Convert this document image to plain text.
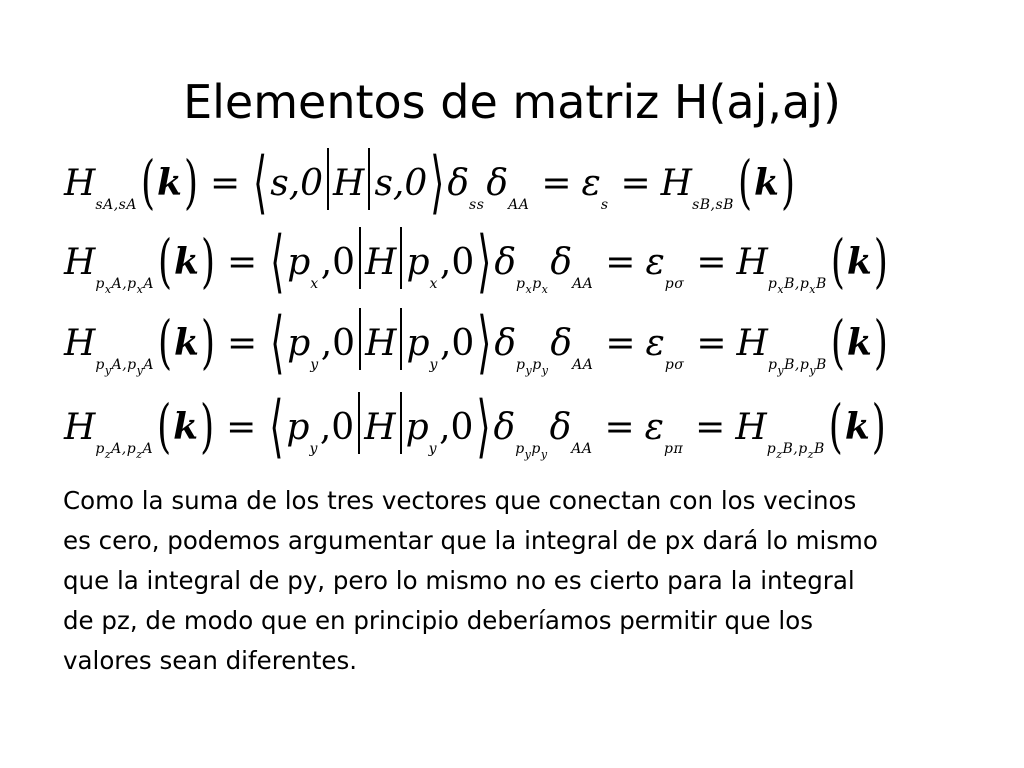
Elementos de matriz H(aj,aj)
HsA,sA (k) = ⟨s,0 H s,0⟩δssδAA= εs= HsB,sB (k)
HpxA,pxA (k) = ⟨px,0 H px,0⟩δpxpxδAA= εpσ= HpxB,pxB (k)
HpyA,pyA (k) = ⟨py,0 H py,0⟩δpypyδAA= εpσ= HpyB,pyB (k)
HpzA,pzA (k) = ⟨py,0 H py,0⟩δpypyδAA= εpπ= HpzB,pzB (k)
Como la suma de los tres vectores que conectan con los vecinos
es cero, podemos argumentar que la integral de px dará lo mismo
que la integral de py, pero lo mismo no es cierto para la integral
de pz, de modo que en principio deberíamos permitir que los
valores sean diferentes.
